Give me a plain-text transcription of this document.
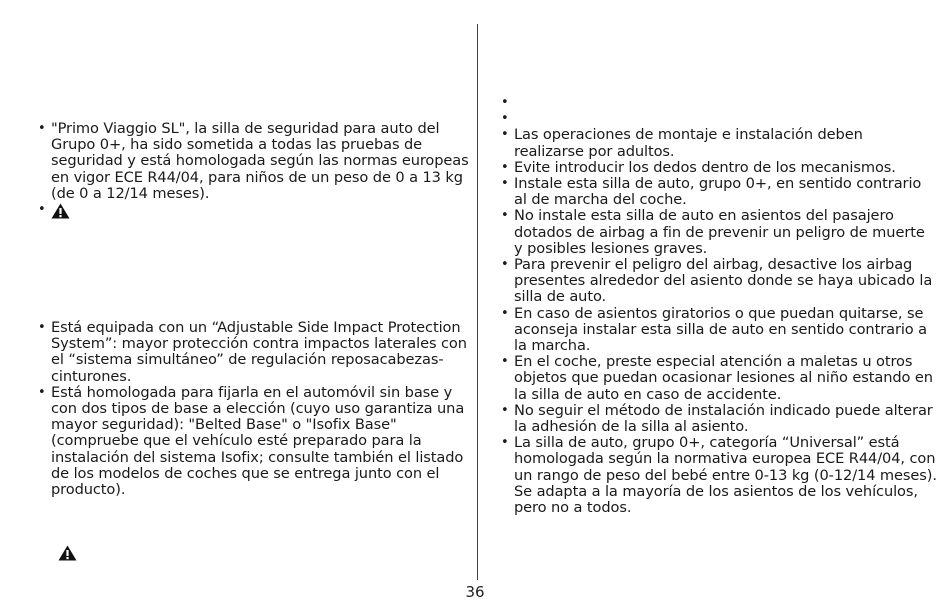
• "Primo Viaggio SL", la silla de seguridad para auto del Grupo 0+, ha sido sometida a todas las pruebas de seguridad y está homologada según las normas europeas en vigor ECE R44/04, para niños de un peso de 0 a 13 kg (de 0 a 12/14 meses).

•

• Está equipada con un “Adjustable Side Impact Protection System”: mayor protección contra impactos laterales con el “sistema simultáneo” de regulación reposacabezas-cinturones.

• Está homologada para fijarla en el automóvil sin base y con dos tipos de base a elección (cuyo uso garantiza una mayor seguridad): "Belted Base" o "Isofix Base" (compruebe que el vehículo esté preparado para la instalación del sistema Isofix; consulte también el listado de los modelos de coches que se entrega junto con el producto).

•
•

• Las operaciones de montaje e instalación deben realizarse por adultos.

• Evite introducir los dedos dentro de los mecanismos.

• Instale esta silla de auto, grupo 0+, en sentido contrario al de marcha del coche.

• No instale esta silla de auto en asientos del pasajero dotados de airbag a fin de prevenir un peligro de muerte y posibles lesiones graves.

• Para prevenir el peligro del airbag, desactive los airbag presentes alrededor del asiento donde se haya ubicado la silla de auto.

• En caso de asientos giratorios o que puedan quitarse, se aconseja instalar esta silla de auto en sentido contrario a la marcha.

• En el coche, preste especial atención a maletas u otros objetos que puedan ocasionar lesiones al niño estando en la silla de auto en caso de accidente.

• No seguir el método de instalación indicado puede alterar la adhesión de la silla al asiento.

• La silla de auto, grupo 0+, categoría “Universal” está homologada según la normativa europea ECE R44/04, con un rango de peso del bebé entre 0-13 kg (0-12/14 meses). Se adapta a la mayoría de los asientos de los vehículos, pero no a todos.

36
